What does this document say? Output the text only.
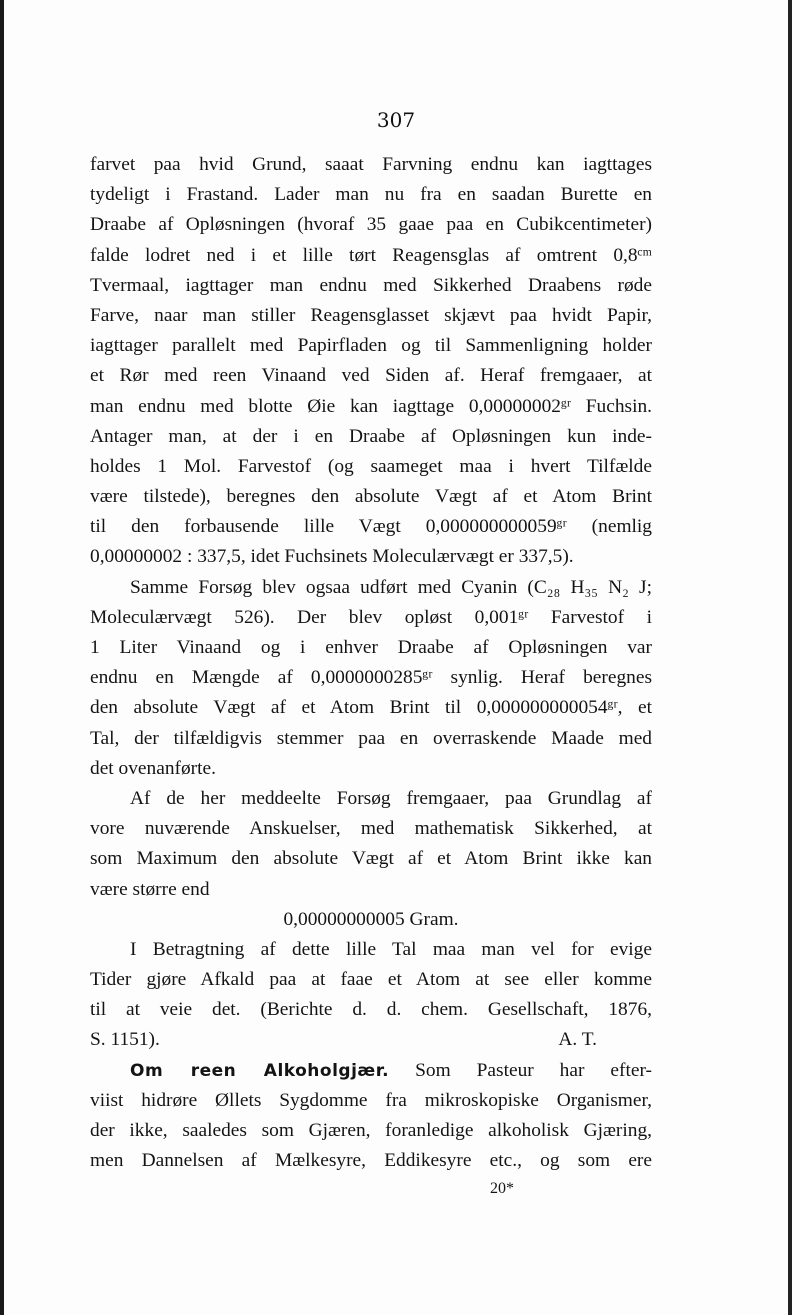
307
farvet paa hvid Grund, saaat Farvning endnu kan iagttages
tydeligt i Frastand. Lader man nu fra en saadan Burette en
Draabe af Opløsningen (hvoraf 35 gaae paa en Cubikcentimeter)
falde lodret ned i et lille tørt Reagensglas af omtrent 0,8ᶜᵐ
Tvermaal, iagttager man endnu med Sikkerhed Draabens røde
Farve, naar man stiller Reagensglasset skjævt paa hvidt Papir,
iagttager parallelt med Papirfladen og til Sammenligning holder
et Rør med reen Vinaand ved Siden af. Heraf fremgaaer, at
man endnu med blotte Øie kan iagttage 0,00000002ᵍʳ Fuchsin.
Antager man, at der i en Draabe af Opløsningen kun inde-
holdes 1 Mol. Farvestof (og saameget maa i hvert Tilfælde
være tilstede), beregnes den absolute Vægt af et Atom Brint
til den forbausende lille Vægt 0,000000000059ᵍʳ (nemlig
0,00000002 : 337,5, idet Fuchsinets Moleculærvægt er 337,5).
Samme Forsøg blev ogsaa udført med Cyanin (C₂₈ H₃₅ N₂ J;
Moleculærvægt 526). Der blev opløst 0,001ᵍʳ Farvestof i
1 Liter Vinaand og i enhver Draabe af Opløsningen var
endnu en Mængde af 0,0000000285ᵍʳ synlig. Heraf beregnes
den absolute Vægt af et Atom Brint til 0,000000000054ᵍʳ, et
Tal, der tilfældigvis stemmer paa en overraskende Maade med
det ovenanførte.
Af de her meddeelte Forsøg fremgaaer, paa Grundlag af
vore nuværende Anskuelser, med mathematisk Sikkerhed, at
som Maximum den absolute Vægt af et Atom Brint ikke kan
være større end
0,00000000005 Gram.
I Betragtning af dette lille Tal maa man vel for evige
Tider gjøre Afkald paa at faae et Atom at see eller komme
til at veie det. (Berichte d. d. chem. Gesellschaft, 1876,
S. 1151).	A. T.
Om reen Alkoholgjær. Som Pasteur har efter-
viist hidrøre Øllets Sygdomme fra mikroskopiske Organismer,
der ikke, saaledes som Gjæren, foranledige alkoholisk Gjæring,
men Dannelsen af Mælkesyre, Eddikesyre etc., og som ere
20*
